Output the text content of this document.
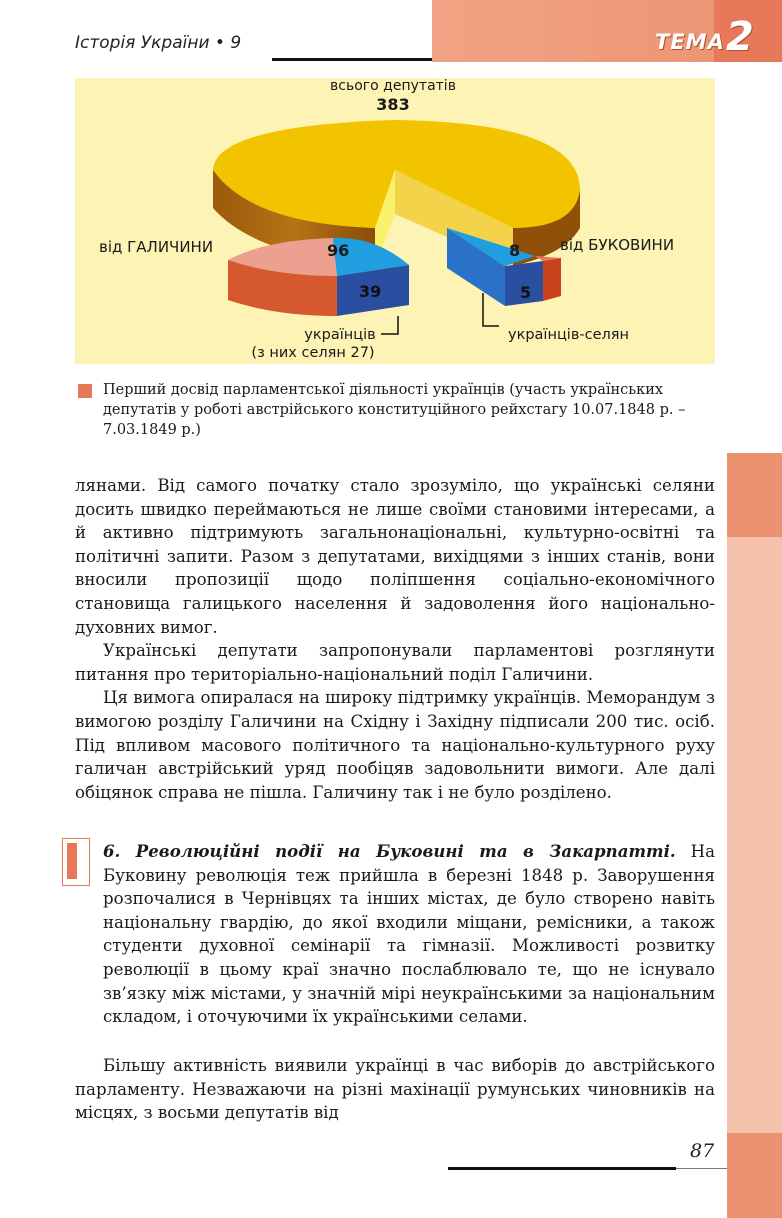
Історія України • 9	ТЕМА 2
всього депутатів
383
від ГАЛИЧИНИ	96
39
8	від БУКОВИНИ
5
українців
(з них селян 27)
українців-селян
Перший досвід парламентської діяльності українців (участь українських депутатів у роботі австрійського конституційного рейхстагу 10.07.1848 р. – 7.03.1849 р.)

лянами. Від самого початку стало зрозуміло, що українські селяни досить швидко переймаються не лише своїми становими інтересами, а й активно підтримують загальнонаціональні, культурно-освітні та політичні запити. Разом з депутатами, вихідцями з інших станів, вони вносили пропозиції щодо поліпшення соціально-економічного становища галицького населення й задоволення його національно-духовних вимог.

Українські депутати запропонували парламентові розглянути питання про територіально-національний поділ Галичини.

Ця вимога опиралася на широку підтримку українців. Меморандум з вимогою розділу Галичини на Східну і Західну підписали 200 тис. осіб. Під впливом масового політичного та національно-культурного руху галичан австрійський уряд пообіцяв задовольнити вимоги. Але далі обіцянок справа не пішла. Галичину так і не було розділено.

6. Революційні події на Буковині та в Закарпатті. На Буковину революція теж прийшла в березні 1848 р. Заворушення розпочалися в Чернівцях та інших містах, де було створено навіть національну гвардію, до якої входили міщани, ремісники, а також студенти духовної семінарії та гімназії. Можливості розвитку революції в цьому краї значно послаблювало те, що не існувало зв’язку між містами, у значній мірі неукраїнськими за національним складом, і оточуючими їх українськими селами.

Більшу активність виявили українці в час виборів до австрійського парламенту. Незважаючи на різні махінації румунських чиновників на місцях, з восьми депутатів від

87
